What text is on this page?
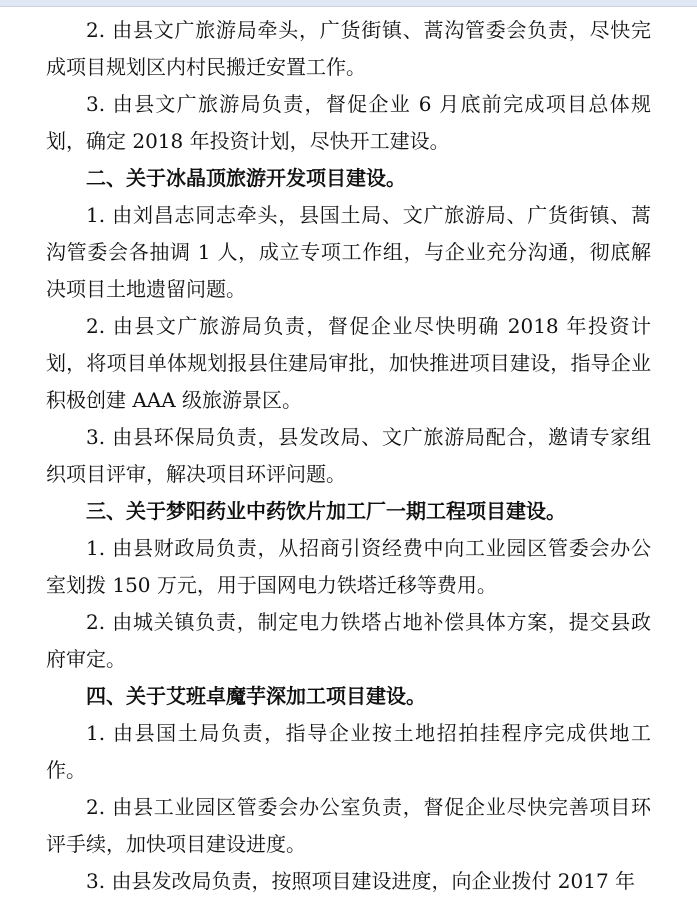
2. 由县文广旅游局牵头，广货街镇、蒿沟管委会负责，尽快完成项目规划区内村民搬迁安置工作。

3. 由县文广旅游局负责，督促企业 6 月底前完成项目总体规划，确定 2018 年投资计划，尽快开工建设。

二、关于冰晶顶旅游开发项目建设。

1. 由刘昌志同志牵头，县国土局、文广旅游局、广货街镇、蒿沟管委会各抽调 1 人，成立专项工作组，与企业充分沟通，彻底解决项目土地遗留问题。

2. 由县文广旅游局负责，督促企业尽快明确 2018 年投资计划，将项目单体规划报县住建局审批，加快推进项目建设，指导企业积极创建 AAA 级旅游景区。

3. 由县环保局负责，县发改局、文广旅游局配合，邀请专家组织项目评审，解决项目环评问题。

三、关于梦阳药业中药饮片加工厂一期工程项目建设。

1. 由县财政局负责，从招商引资经费中向工业园区管委会办公室划拨 150 万元，用于国网电力铁塔迁移等费用。

2. 由城关镇负责，制定电力铁塔占地补偿具体方案，提交县政府审定。

四、关于艾班卓魔芋深加工项目建设。

1. 由县国土局负责，指导企业按土地招拍挂程序完成供地工作。

2. 由县工业园区管委会办公室负责，督促企业尽快完善项目环评手续，加快项目建设进度。

3. 由县发改局负责，按照项目建设进度，向企业拨付 2017 年
